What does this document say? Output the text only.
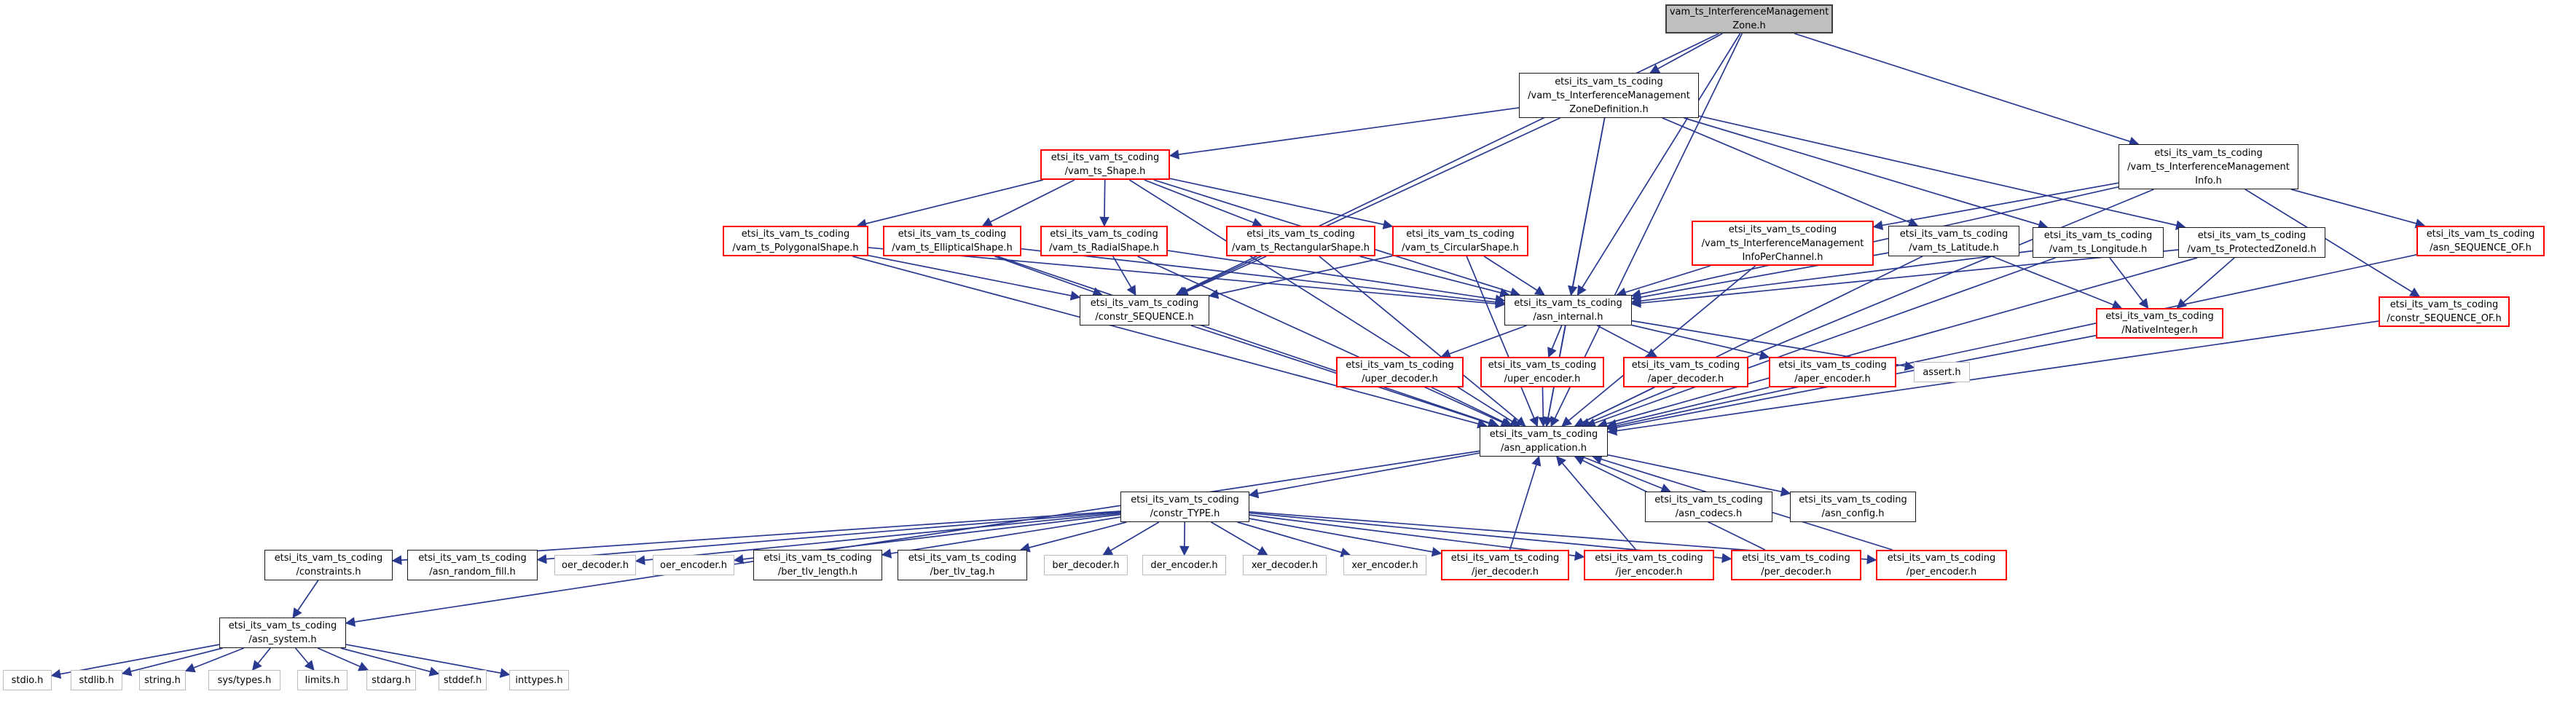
vam_ts_InterferenceManagement
Zone.h
etsi_its_vam_ts_coding
/vam_ts_InterferenceManagement
ZoneDefinition.h
etsi_its_vam_ts_coding
/vam_ts_Shape.h
etsi_its_vam_ts_coding
/vam_ts_InterferenceManagement
Info.h
etsi_its_vam_ts_coding
/vam_ts_PolygonalShape.h
etsi_its_vam_ts_coding
/vam_ts_EllipticalShape.h
etsi_its_vam_ts_coding
/vam_ts_RadialShape.h
etsi_its_vam_ts_coding
/vam_ts_RectangularShape.h
etsi_its_vam_ts_coding
/vam_ts_CircularShape.h
etsi_its_vam_ts_coding
/vam_ts_InterferenceManagement
InfoPerChannel.h
etsi_its_vam_ts_coding
/vam_ts_Latitude.h
etsi_its_vam_ts_coding
/vam_ts_Longitude.h
etsi_its_vam_ts_coding
/vam_ts_ProtectedZoneId.h
etsi_its_vam_ts_coding
/asn_SEQUENCE_OF.h
etsi_its_vam_ts_coding
/constr_SEQUENCE.h
etsi_its_vam_ts_coding
/asn_internal.h	etsi_its_vam_ts_coding
/NativeInteger.h
etsi_its_vam_ts_coding
/constr_SEQUENCE_OF.h
etsi_its_vam_ts_coding
/uper_decoder.h
etsi_its_vam_ts_coding
/uper_encoder.h
etsi_its_vam_ts_coding
/aper_decoder.h
etsi_its_vam_ts_coding
/aper_encoder.h
assert.h
etsi_its_vam_ts_coding
/asn_application.h
etsi_its_vam_ts_coding
/constr_TYPE.h
etsi_its_vam_ts_coding
/asn_codecs.h
etsi_its_vam_ts_coding
/asn_config.h
etsi_its_vam_ts_coding
/constraints.h
etsi_its_vam_ts_coding
/asn_random_fill.h
oer_decoder.h	oer_encoder.h
etsi_its_vam_ts_coding
/ber_tlv_length.h
etsi_its_vam_ts_coding
/ber_tlv_tag.h
ber_decoder.h	der_encoder.h	xer_decoder.h	xer_encoder.h
etsi_its_vam_ts_coding
/jer_decoder.h
etsi_its_vam_ts_coding
/jer_encoder.h
etsi_its_vam_ts_coding
/per_decoder.h
etsi_its_vam_ts_coding
/per_encoder.h
etsi_its_vam_ts_coding
/asn_system.h
stdio.h	stdlib.h	string.h	sys/types.h	limits.h	stdarg.h	stddef.h	inttypes.h
